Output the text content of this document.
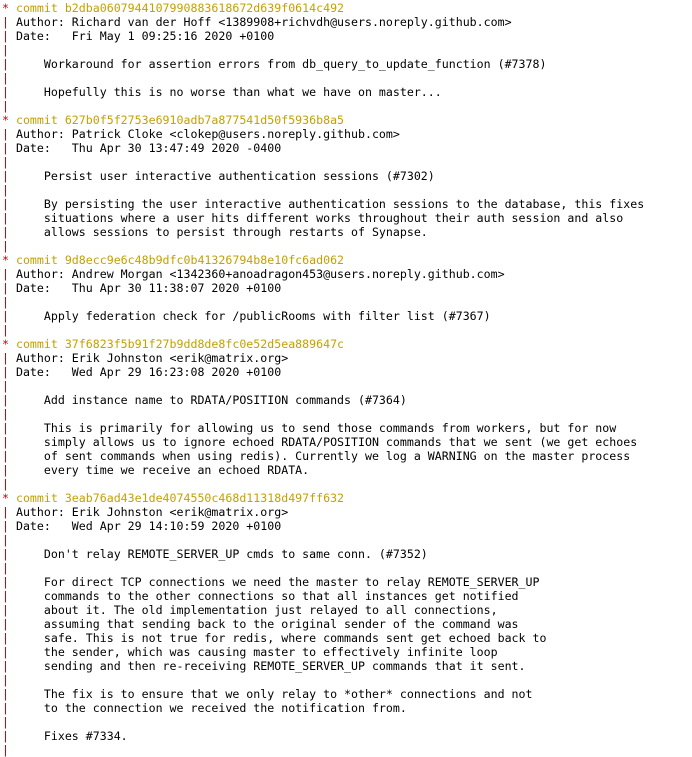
* commit b2dba0607944107990883618672d639f0614c492
| Author: Richard van der Hoff <1389908+richvdh@users.noreply.github.com>
| Date:   Fri May 1 09:25:16 2020 +0100
|
|     Workaround for assertion errors from db_query_to_update_function (#7378)
|
|     Hopefully this is no worse than what we have on master...
|
* commit 627b0f5f2753e6910adb7a877541d50f5936b8a5
| Author: Patrick Cloke <clokep@users.noreply.github.com>
| Date:   Thu Apr 30 13:47:49 2020 -0400
|
|     Persist user interactive authentication sessions (#7302)
|
|     By persisting the user interactive authentication sessions to the database, this fixes
|     situations where a user hits different works throughout their auth session and also
|     allows sessions to persist through restarts of Synapse.
|
* commit 9d8ecc9e6c48b9dfc0b41326794b8e10fc6ad062
| Author: Andrew Morgan <1342360+anoadragon453@users.noreply.github.com>
| Date:   Thu Apr 30 11:38:07 2020 +0100
|
|     Apply federation check for /publicRooms with filter list (#7367)
|
* commit 37f6823f5b91f27b9dd8de8fc0e52d5ea889647c
| Author: Erik Johnston <erik@matrix.org>
| Date:   Wed Apr 29 16:23:08 2020 +0100
|
|     Add instance name to RDATA/POSITION commands (#7364)
|
|     This is primarily for allowing us to send those commands from workers, but for now
|     simply allows us to ignore echoed RDATA/POSITION commands that we sent (we get echoes
|     of sent commands when using redis). Currently we log a WARNING on the master process
|     every time we receive an echoed RDATA.
|
* commit 3eab76ad43e1de4074550c468d11318d497ff632
| Author: Erik Johnston <erik@matrix.org>
| Date:   Wed Apr 29 14:10:59 2020 +0100
|
|     Don't relay REMOTE_SERVER_UP cmds to same conn. (#7352)
|
|     For direct TCP connections we need the master to relay REMOTE_SERVER_UP
|     commands to the other connections so that all instances get notified
|     about it. The old implementation just relayed to all connections,
|     assuming that sending back to the original sender of the command was
|     safe. This is not true for redis, where commands sent get echoed back to
|     the sender, which was causing master to effectively infinite loop
|     sending and then re-receiving REMOTE_SERVER_UP commands that it sent.
|
|     The fix is to ensure that we only relay to *other* connections and not
|     to the connection we received the notification from.
|
|     Fixes #7334.
|
